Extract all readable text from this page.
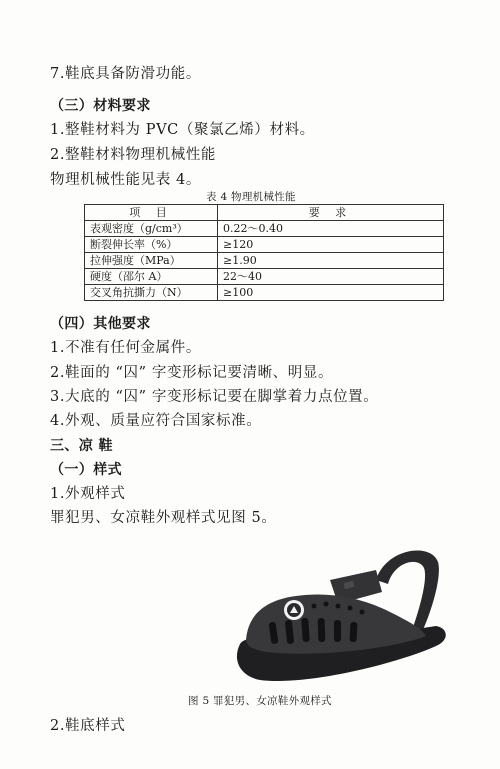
7.鞋底具备防滑功能。
（三）材料要求
1.整鞋材料为 PVC（聚氯乙烯）材料。
2.整鞋材料物理机械性能
物理机械性能见表 4。
表 4 物理机械性能
项 目	要 求
表观密度（g/cm³）	0.22～0.40
断裂伸长率（%）	≥120
拉伸强度（MPa）	≥1.90
硬度（邵尔 A）	22～40
交叉角抗撕力（N）	≥100
（四）其他要求
1.不准有任何金属件。
2.鞋面的 “囚” 字变形标记要清晰、明显。
3.大底的 “囚” 字变形标记要在脚掌着力点位置。
4.外观、质量应符合国家标准。
三、凉 鞋
（一）样式
1.外观样式
罪犯男、女凉鞋外观样式见图 5。
图 5 罪犯男、女凉鞋外观样式
2.鞋底样式
